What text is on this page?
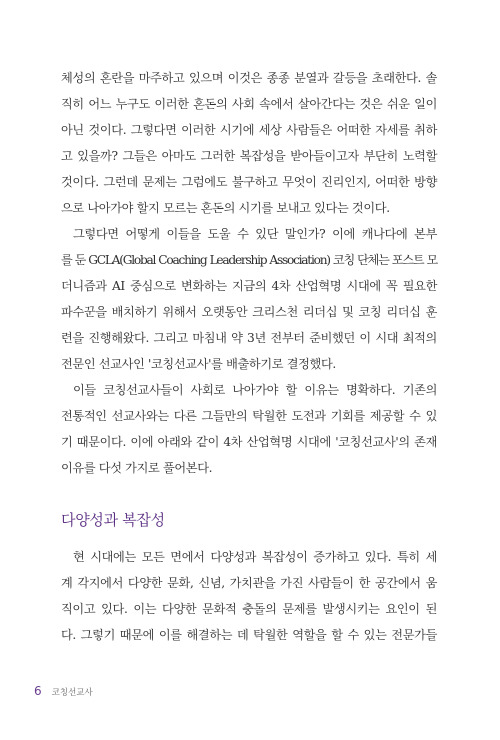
체성의 혼란을 마주하고 있으며 이것은 종종 분열과 갈등을 초래한다. 솔
직히 어느 누구도 이러한 혼돈의 사회 속에서 살아간다는 것은 쉬운 일이
아닌 것이다. 그렇다면 이러한 시기에 세상 사람들은 어떠한 자세를 취하
고 있을까? 그들은 아마도 그러한 복잡성을 받아들이고자 부단히 노력할
것이다. 그런데 문제는 그럼에도 불구하고 무엇이 진리인지, 어떠한 방향
으로 나아가야 할지 모르는 혼돈의 시기를 보내고 있다는 것이다.
그렇다면 어떻게 이들을 도울 수 있단 말인가? 이에 캐나다에 본부
를 둔 GCLA(Global Coaching Leadership Association) 코칭 단체는 포스트 모
더니즘과 AI 중심으로 변화하는 지금의 4차 산업혁명 시대에 꼭 필요한
파수꾼을 배치하기 위해서 오랫동안 크리스천 리더십 및 코칭 리더십 훈
련을 진행해왔다. 그리고 마침내 약 3년 전부터 준비했던 이 시대 최적의
전문인 선교사인 '코칭선교사'를 배출하기로 결정했다.
이들 코칭선교사들이 사회로 나아가야 할 이유는 명확하다. 기존의
전통적인 선교사와는 다른 그들만의 탁월한 도전과 기회를 제공할 수 있
기 때문이다. 이에 아래와 같이 4차 산업혁명 시대에 '코칭선교사'의 존재
이유를 다섯 가지로 풀어본다.
다양성과 복잡성
현 시대에는 모든 면에서 다양성과 복잡성이 증가하고 있다. 특히 세
계 각지에서 다양한 문화, 신념, 가치관을 가진 사람들이 한 공간에서 움
직이고 있다. 이는 다양한 문화적 충돌의 문제를 발생시키는 요인이 된
다. 그렇기 때문에 이를 해결하는 데 탁월한 역할을 할 수 있는 전문가들
6 코칭선교사
